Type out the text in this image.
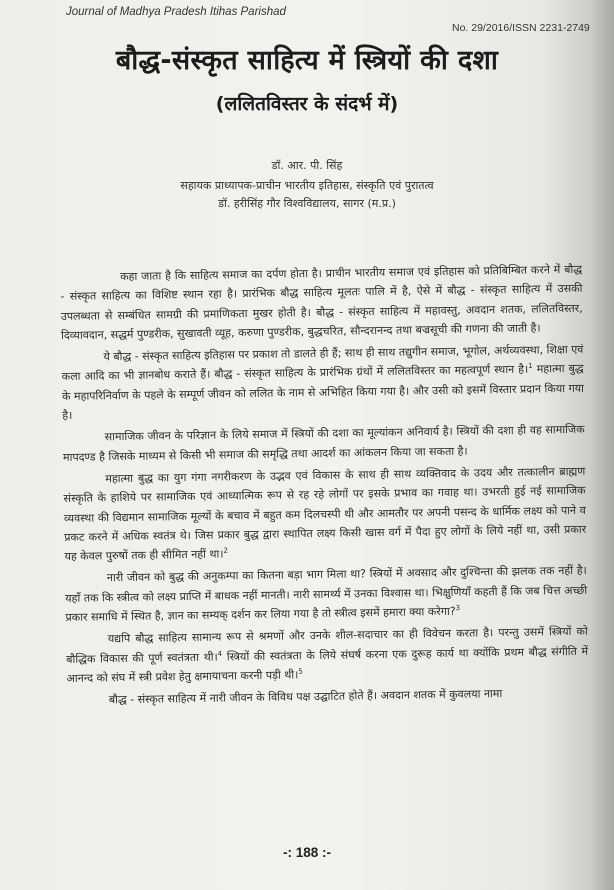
Journal of Madhya Pradesh Itihas Parishad
No. 29/2016/ISSN 2231-2749
बौद्ध-संस्कृत साहित्य में स्त्रियों की दशा
(ललितविस्तर के संदर्भ में)
डॉ. आर. पी. सिंह
सहायक प्राध्यापक-प्राचीन भारतीय इतिहास, संस्कृति एवं पुरातत्व
डॉ. हरीसिंह गौर विश्वविद्यालय, सागर (म.प्र.)

कहा जाता है कि साहित्य समाज का दर्पण होता है। प्राचीन भारतीय समाज एवं इतिहास को प्रतिबिम्बित करने में बौद्ध - संस्कृत साहित्य का विशिष्ट स्थान रहा है। प्रारंभिक बौद्ध साहित्य मूलतः पालि में है, ऐसे में बौद्ध - संस्कृत साहित्य में उसकी उपलब्धता से सम्बंधित सामग्री की प्रमाणिकता मुखर होती है। बौद्ध - संस्कृत साहित्य में महावस्तु, अवदान शतक, ललितविस्तर, दिव्यावदान, सद्धर्म पुण्डरीक, सुखावती व्यूह, करुणा पुण्डरीक, बुद्धचरित, सौन्दरानन्द तथा बज्रसूची की गणना की जाती है।

ये बौद्ध - संस्कृत साहित्य इतिहास पर प्रकाश तो डालते ही हैं; साथ ही साथ तद्युगीन समाज, भूगोल, अर्थव्यवस्था, शिक्षा एवं कला आदि का भी ज्ञानबोध कराते हैं। बौद्ध - संस्कृत साहित्य के प्रारंभिक ग्रंथों में ललितविस्तर का महत्वपूर्ण स्थान है।$^1$ महात्मा बुद्ध के महापरिनिर्वाण के पहले के सम्पूर्ण जीवन को ललित के नाम से अभिहित किया गया है। और उसी को इसमें विस्तार प्रदान किया गया है।

सामाजिक जीवन के परिज्ञान के लिये समाज में स्त्रियों की दशा का मूल्यांकन अनिवार्य है। स्त्रियों की दशा ही वह सामाजिक मापदण्ड है जिसके माध्यम से किसी भी समाज की समृद्धि तथा आदर्श का आंकलन किया जा सकता है।

महात्मा बुद्ध का युग गंगा नगरीकरण के उद्भव एवं विकास के साथ ही साथ व्यक्तिवाद के उदय और तत्कालीन ब्राह्मण संस्कृति के हाशिये पर सामाजिक एवं आध्यात्मिक रूप से रह रहे लोगों पर इसके प्रभाव का गवाह था। उभरती हुई नई सामाजिक व्यवस्था की विद्यमान सामाजिक मूल्यों के बचाव में बहुत कम दिलचस्पी थी और आमतौर पर अपनी पसन्द के धार्मिक लक्ष्य को पाने व प्रकट करने में अधिक स्वतंत्र थे। जिस प्रकार बुद्ध द्वारा स्थापित लक्ष्य किसी खास वर्ग में पैदा हुए लोगों के लिये नहीं था, उसी प्रकार यह केवल पुरुषों तक ही सीमित नहीं था।$^2$

नारी जीवन को बुद्ध की अनुकम्पा का कितना बड़ा भाग मिला था? स्त्रियों में अवसाद और दुश्चिन्ता की झलक तक नहीं है। यहाँ तक कि स्त्रीत्व को लक्ष्य प्राप्ति में बाधक नहीं मानती। नारी सामर्थ्य में उनका विश्वास था। भिक्षुणियाँ कहती हैं कि जब चित्त अच्छी प्रकार समाधि में स्थित है, ज्ञान का सम्यक् दर्शन कर लिया गया है तो स्त्रीत्व इसमें हमारा क्या करेगा?$^3$

यद्यपि बौद्ध साहित्य सामान्य रूप से श्रमणों और उनके शील-सदाचार का ही विवेचन करता है। परन्तु उसमें स्त्रियों को बौद्धिक विकास की पूर्ण स्वतंत्रता थी।$^4$ स्त्रियों की स्वतंत्रता के लिये संघर्ष करना एक दुरूह कार्य था क्योंकि प्रथम बौद्ध संगीति में आनन्द को संघ में स्त्री प्रवेश हेतु क्षमायाचना करनी पड़ी थी।$^5$

बौद्ध - संस्कृत साहित्य में नारी जीवन के विविध पक्ष उद्घाटित होते हैं। अवदान शतक में कुवलया नामा

-: 188 :-
